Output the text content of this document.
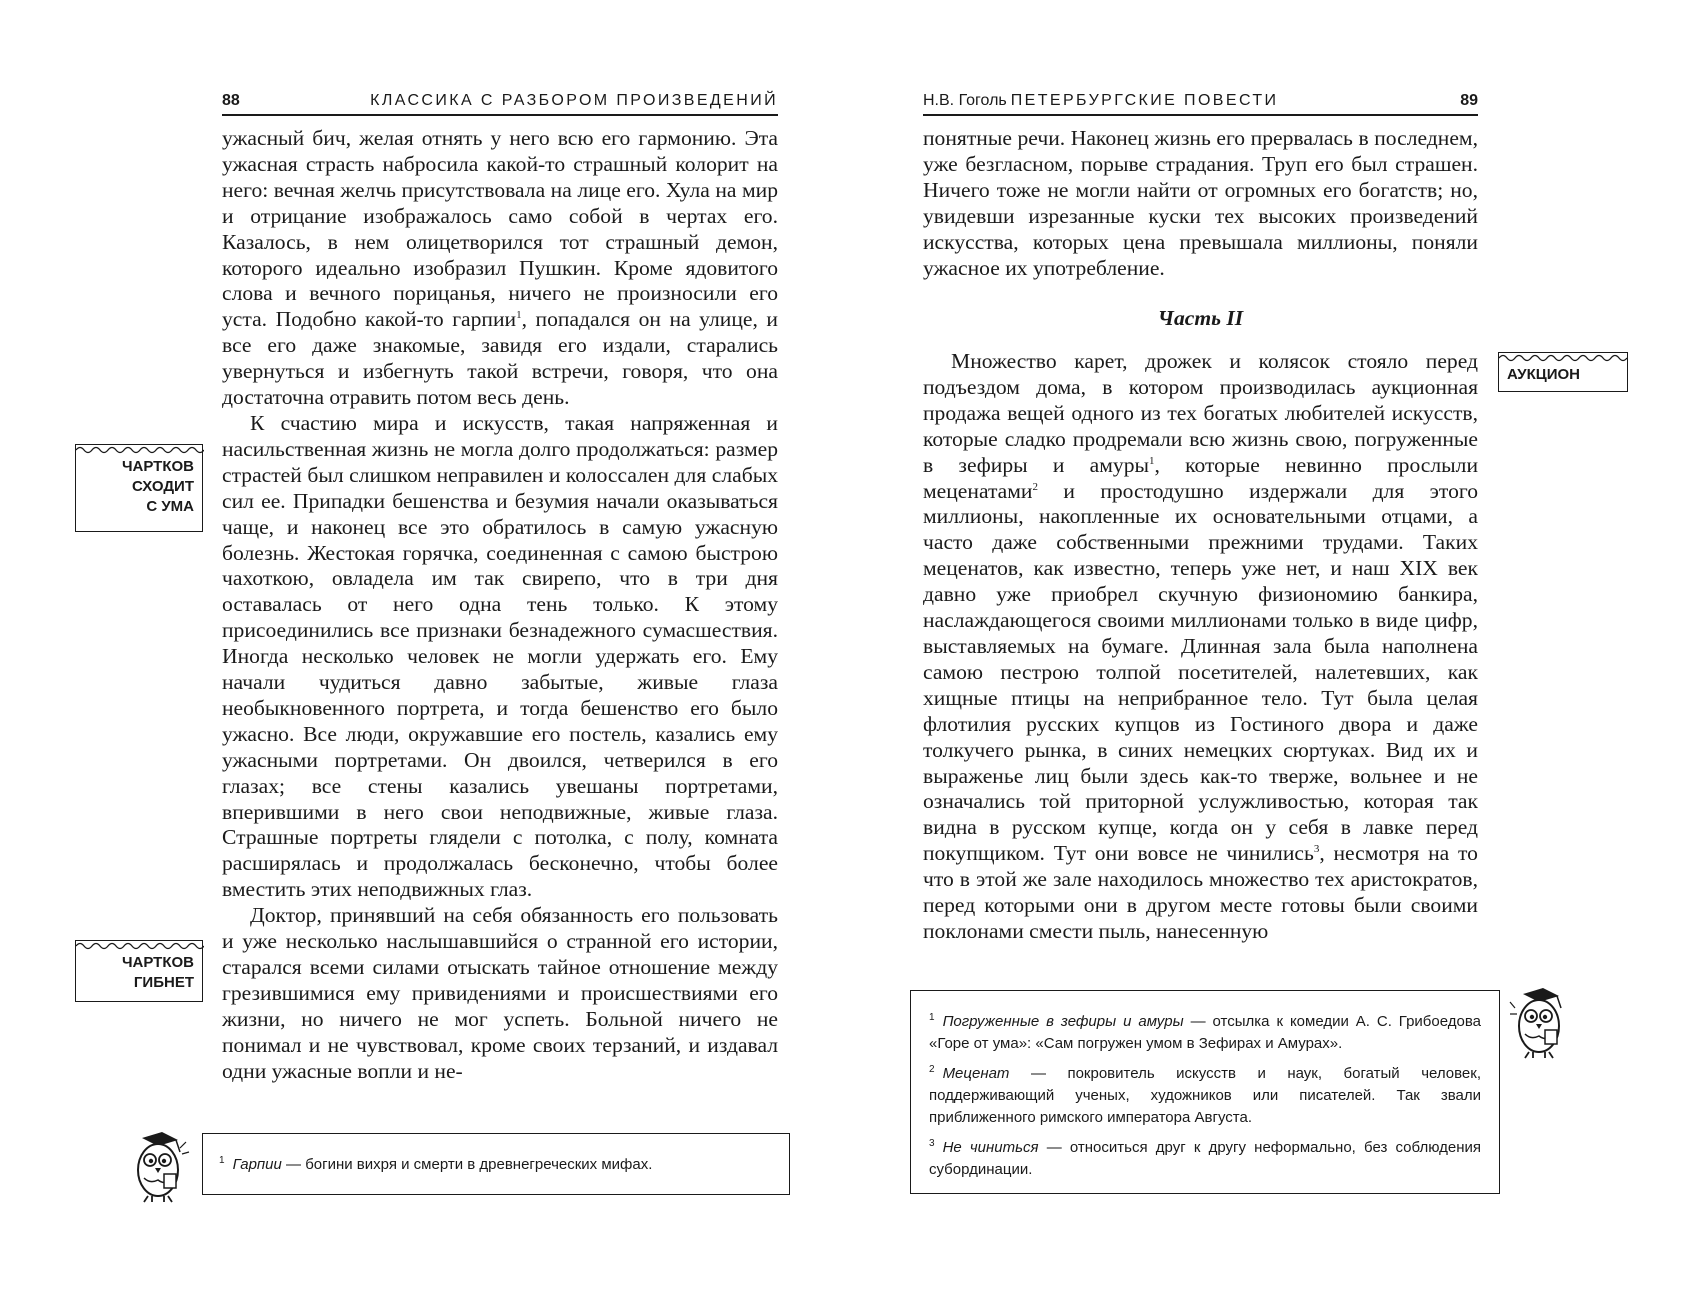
88	КЛАССИКА С РАЗБОРОМ ПРОИЗВЕДЕНИЙ

ужасный бич, желая отнять у него всю его гармонию. Эта ужасная страсть набросила какой-то страшный колорит на него: вечная желчь присутствовала на лице его. Хула на мир и отрицание изображалось само собой в чертах его. Казалось, в нем олицетворился тот страшный демон, которого идеально изобразил Пушкин. Кроме ядовитого слова и вечного порицанья, ничего не произносили его уста. Подобно какой-то гарпии$^1$, попадался он на улице, и все его даже знакомые, завидя его издали, старались увернуться и избегнуть такой встречи, говоря, что она достаточна отравить потом весь день.

К счастию мира и искусств, такая напряженная и насильственная жизнь не могла долго продолжаться: размер страстей был слишком неправилен и колоссален для слабых сил ее. Припадки бешенства и безумия начали оказываться чаще, и наконец все это обратилось в самую ужасную болезнь. Жестокая горячка, соединенная с самою быстрою чахоткою, овладела им так свирепо, что в три дня оставалась от него одна тень только. К этому присоединились все признаки безнадежного сумасшествия. Иногда несколько человек не могли удержать его. Ему начали чудиться давно забытые, живые глаза необыкновенного портрета, и тогда бешенство его было ужасно. Все люди, окружавшие его постель, казались ему ужасными портретами. Он двоился, четверился в его глазах; все стены казались увешаны портретами, вперившими в него свои неподвижные, живые глаза. Страшные портреты глядели с потолка, с полу, комната расширялась и продолжалась бесконечно, чтобы более вместить этих неподвижных глаз.

Доктор, принявший на себя обязанность его пользовать и уже несколько наслышавшийся о странной его истории, старался всеми силами отыскать тайное отношение между грезившимися ему привидениями и происшествиями его жизни, но ничего не мог успеть. Больной ничего не понимал и не чувствовал, кроме своих терзаний, и издавал одни ужасные вопли и не-

ЧАРТКОВ
СХОДИТ
С УМА
ЧАРТКОВ
ГИБНЕТ

$^1$ Гарпии — богини вихря и смерти в древнегреческих мифах.

Н.В. Гоголь ПЕТЕРБУРГСКИЕ ПОВЕСТИ	89

понятные речи. Наконец жизнь его прервалась в последнем, уже безгласном, порыве страдания. Труп его был страшен. Ничего тоже не могли найти от огромных его богатств; но, увидевши изрезанные куски тех высоких произведений искусства, которых цена превышала миллионы, поняли ужасное их употребление.

Часть II

Множество карет, дрожек и колясок стояло перед подъездом дома, в котором производилась аукционная продажа вещей одного из тех богатых любителей искусств, которые сладко продремали всю жизнь свою, погруженные в зефиры и амуры$^1$, которые невинно прослыли меценатами$^2$ и простодушно издержали для этого миллионы, накопленные их основательными отцами, а часто даже собственными прежними трудами. Таких меценатов, как известно, теперь уже нет, и наш XIX век давно уже приобрел скучную физиономию банкира, наслаждающегося своими миллионами только в виде цифр, выставляемых на бумаге. Длинная зала была наполнена самою пестрою толпой посетителей, налетевших, как хищные птицы на неприбранное тело. Тут была целая флотилия русских купцов из Гостиного двора и даже толкучего рынка, в синих немецких сюртуках. Вид их и выраженье лиц были здесь как-то тверже, вольнее и не означались той приторной услужливостью, которая так видна в русском купце, когда он у себя в лавке перед покупщиком. Тут они вовсе не чинились$^3$, несмотря на то что в этой же зале находилось множество тех аристократов, перед которыми они в другом месте готовы были своими поклонами смести пыль, нанесенную

АУКЦИОН

$^1$ Погруженные в зефиры и амуры — отсылка к комедии А. С. Грибоедова «Горе от ума»: «Сам погружен умом в Зефирах и Амурах».

$^2$ Меценат — покровитель искусств и наук, богатый человек, поддерживающий ученых, художников или писателей. Так звали приближенного римского императора Августа.

$^3$ Не чиниться — относиться друг к другу неформально, без соблюдения субординации.
